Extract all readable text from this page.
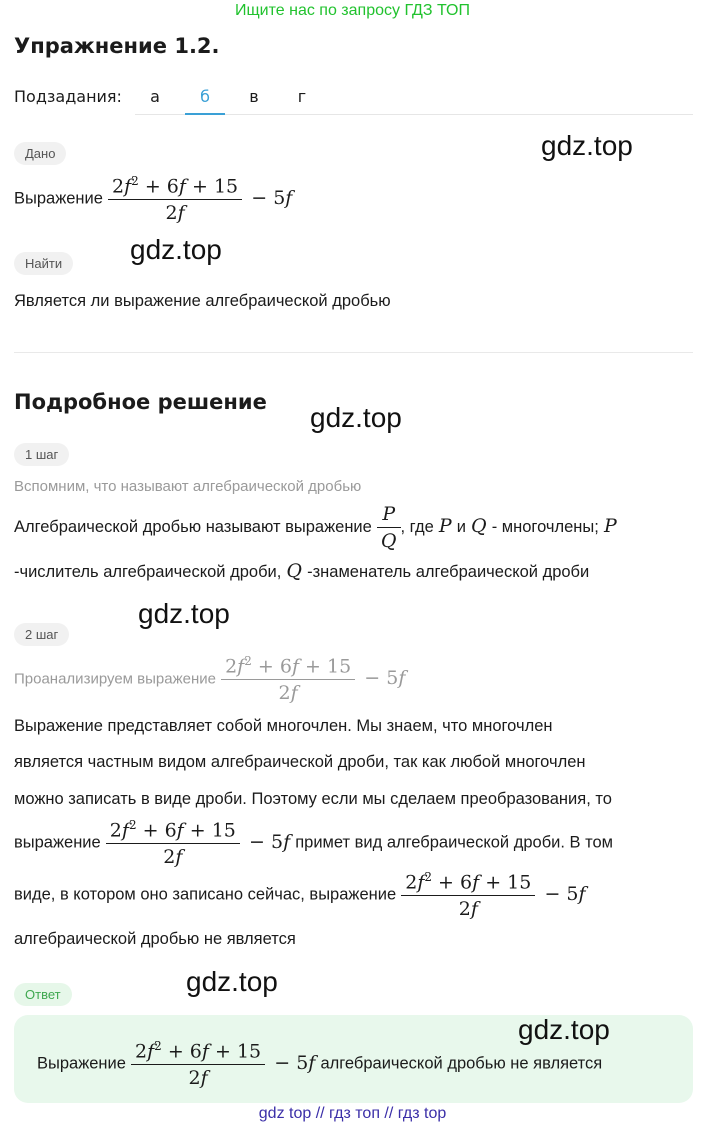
Ищите нас по запросу ГДЗ ТОП
Упражнение 1.2.
Подзадания:	а	б	в	г
Дано
Выражение $\frac{2f^2 + 6f + 15}{2f} - 5f$
Найти
Является ли выражение алгебраической дробью
Подробное решение
1 шаг
Вспомним, что называют алгебраической дробью
Алгебраической дробью называют выражение $\frac{P}{Q}$ , где P и Q - многочлены; P
-числитель алгебраической дроби, Q -знаменатель алгебраической дроби
2 шаг
Проанализируем выражение $\frac{2f^2 + 6f + 15}{2f} - 5f$
Выражение представляет собой многочлен. Мы знаем, что многочлен
является частным видом алгебраической дроби, так как любой многочлен
можно записать в виде дроби. Поэтому если мы сделаем преобразования, то
выражение $\frac{2f^2 + 6f + 15}{2f} - 5f$ примет вид алгебраической дроби. В том
виде, в котором оно записано сейчас, выражение $\frac{2f^2 + 6f + 15}{2f} - 5f$
алгебраической дробью не является
Ответ
Выражение $\frac{2f^2 + 6f + 15}{2f} - 5f$ алгебраической дробью не является
gdz.top
gdz.top
gdz.top
gdz.top
gdz.top
gdz.top
gdz top // гдз топ // гдз top
